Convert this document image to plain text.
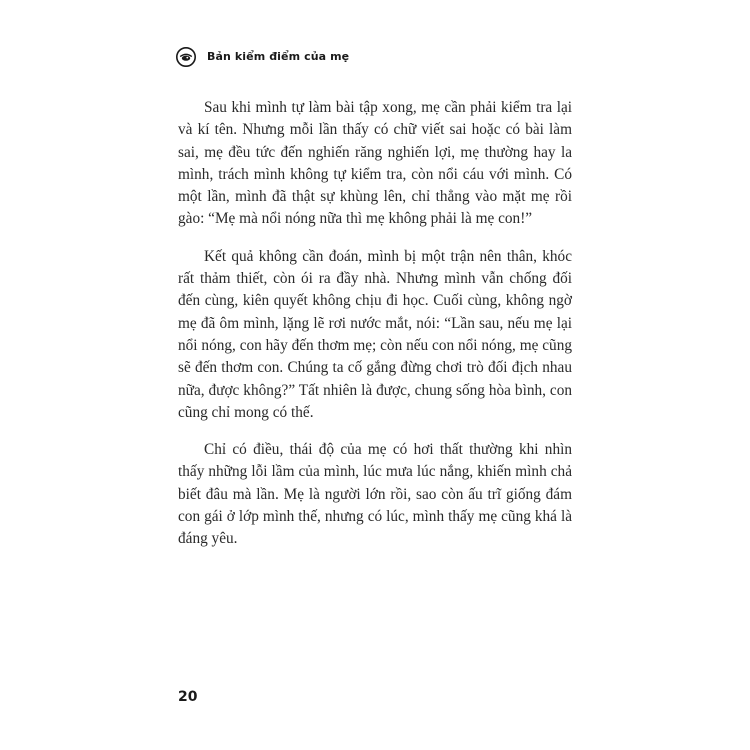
Bản kiểm điểm của mẹ

Sau khi mình tự làm bài tập xong, mẹ cần phải kiểm tra lại và kí tên. Nhưng mỗi lần thấy có chữ viết sai hoặc có bài làm sai, mẹ đều tức đến nghiến răng nghiến lợi, mẹ thường hay la mình, trách mình không tự kiểm tra, còn nổi cáu với mình. Có một lần, mình đã thật sự khùng lên, chỉ thẳng vào mặt mẹ rồi gào: “Mẹ mà nổi nóng nữa thì mẹ không phải là mẹ con!”

Kết quả không cần đoán, mình bị một trận nên thân, khóc rất thảm thiết, còn ói ra đầy nhà. Nhưng mình vẫn chống đối đến cùng, kiên quyết không chịu đi học. Cuối cùng, không ngờ mẹ đã ôm mình, lặng lẽ rơi nước mắt, nói: “Lần sau, nếu mẹ lại nổi nóng, con hãy đến thơm mẹ; còn nếu con nổi nóng, mẹ cũng sẽ đến thơm con. Chúng ta cố gắng đừng chơi trò đối địch nhau nữa, được không?” Tất nhiên là được, chung sống hòa bình, con cũng chỉ mong có thế.

Chỉ có điều, thái độ của mẹ có hơi thất thường khi nhìn thấy những lỗi lầm của mình, lúc mưa lúc nắng, khiến mình chả biết đâu mà lần. Mẹ là người lớn rồi, sao còn ấu trĩ giống đám con gái ở lớp mình thế, nhưng có lúc, mình thấy mẹ cũng khá là đáng yêu.

20
